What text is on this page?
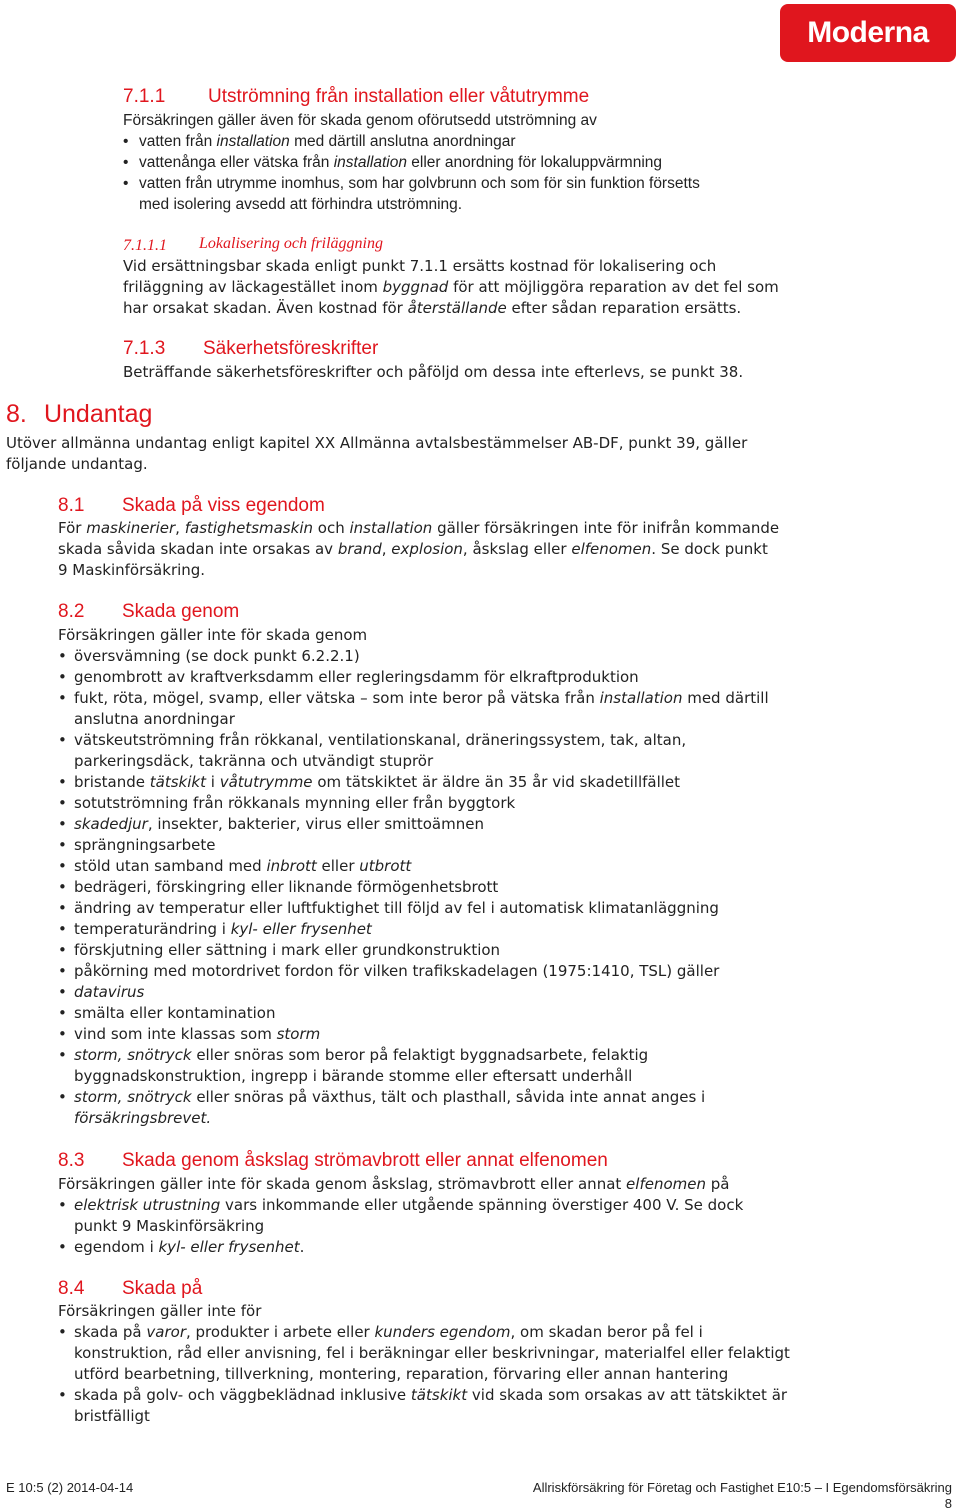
Moderna
7.1.1 Utströmning från installation eller våtutrymme

Försäkringen gäller även för skada genom oförutsedd utströmning av

• vatten från installation med därtill anslutna anordningar
• vattenånga eller vätska från installation eller anordning för lokaluppvärmning
• vatten från utrymme inomhus, som har golvbrunn och som för sin funktion försetts
med isolering avsedd att förhindra utströmning.
7.1.1.1 Lokalisering och friläggning

Vid ersättningsbar skada enligt punkt 7.1.1 ersätts kostnad för lokalisering och

friläggning av läckagestället inom byggnad för att möjliggöra reparation av det fel som

har orsakat skadan. Även kostnad för återställande efter sådan reparation ersätts.

7.1.3 Säkerhetsföreskrifter

Beträffande säkerhetsföreskrifter och påföljd om dessa inte efterlevs, se punkt 38.

8. Undantag

Utöver allmänna undantag enligt kapitel XX Allmänna avtalsbestämmelser AB-DF, punkt 39, gäller

följande undantag.

8.1 Skada på viss egendom

För maskinerier, fastighetsmaskin och installation gäller försäkringen inte för inifrån kommande

skada såvida skadan inte orsakas av brand, explosion, åskslag eller elfenomen. Se dock punkt

9 Maskinförsäkring.

8.2 Skada genom

Försäkringen gäller inte för skada genom

• översvämning (se dock punkt 6.2.2.1)
• genombrott av kraftverksdamm eller regleringsdamm för elkraftproduktion
• fukt, röta, mögel, svamp, eller vätska – som inte beror på vätska från installation med därtill
anslutna anordningar
• vätskeutströmning från rökkanal, ventilationskanal, dräneringssystem, tak, altan,
parkeringsdäck, takränna och utvändigt stuprör
• bristande tätskikt i våtutrymme om tätskiktet är äldre än 35 år vid skadetillfället
• sotutströmning från rökkanals mynning eller från byggtork
• skadedjur, insekter, bakterier, virus eller smittoämnen
• sprängningsarbete
• stöld utan samband med inbrott eller utbrott
• bedrägeri, förskingring eller liknande förmögenhetsbrott
• ändring av temperatur eller luftfuktighet till följd av fel i automatisk klimatanläggning
• temperaturändring i kyl- eller frysenhet
• förskjutning eller sättning i mark eller grundkonstruktion
• påkörning med motordrivet fordon för vilken trafikskadelagen (1975:1410, TSL) gäller
• datavirus
• smälta eller kontamination
• vind som inte klassas som storm
• storm, snötryck eller snöras som beror på felaktigt byggnadsarbete, felaktig
byggnadskonstruktion, ingrepp i bärande stomme eller eftersatt underhåll
• storm, snötryck eller snöras på växthus, tält och plasthall, såvida inte annat anges i
försäkringsbrevet.
8.3 Skada genom åskslag strömavbrott eller annat elfenomen

Försäkringen gäller inte för skada genom åskslag, strömavbrott eller annat elfenomen på

• elektrisk utrustning vars inkommande eller utgående spänning överstiger 400 V. Se dock
punkt 9 Maskinförsäkring
• egendom i kyl- eller frysenhet.
8.4 Skada på

Försäkringen gäller inte för

• skada på varor, produkter i arbete eller kunders egendom, om skadan beror på fel i
konstruktion, råd eller anvisning, fel i beräkningar eller beskrivningar, materialfel eller felaktigt
utförd bearbetning, tillverkning, montering, reparation, förvaring eller annan hantering
• skada på golv- och väggbeklädnad inklusive tätskikt vid skada som orsakas av att tätskiktet är
bristfälligt
E 10:5 (2) 2014-04-14	Allriskförsäkring för Företag och Fastighet E10:5 – I Egendomsförsäkring
8
